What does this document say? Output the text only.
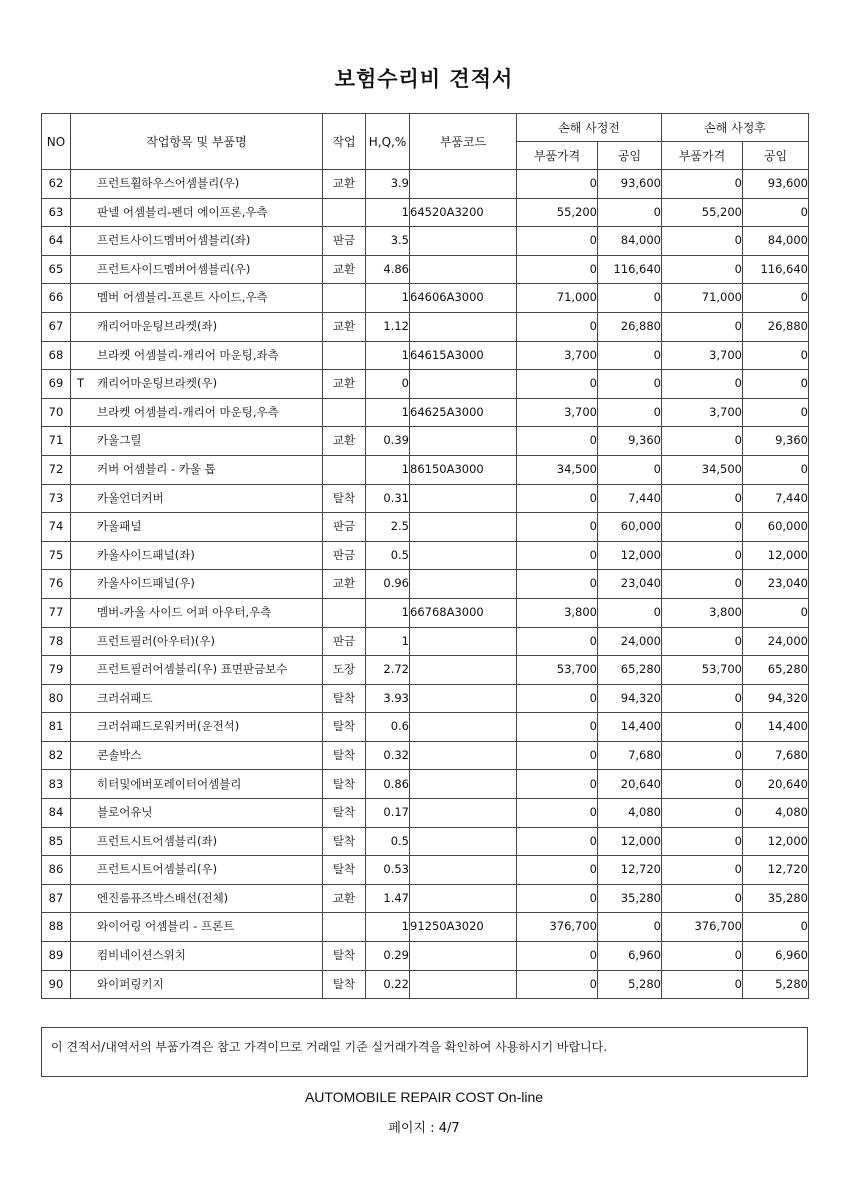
보험수리비 견적서
NO	작업항목 및 부품명	작업	H,Q,%	부품코드	손해 사정전		손해 사정후	
					부품가격	공임	부품가격	공임
62	프런트휠하우스어셈블리(우)	교환	3.9		0	93,600	0	93,600
63	판넬 어셈블리-펜더 에이프론,우측		1	64520A3200	55,200	0	55,200	0
64	프런트사이드멤버어셈블리(좌)	판금	3.5		0	84,000	0	84,000
65	프런트사이드멤버어셈블리(우)	교환	4.86		0	116,640	0	116,640
66	멤버 어셈블리-프론트 사이드,우측		1	64606A3000	71,000	0	71,000	0
67	캐리어마운팅브라켓(좌)	교환	1.12		0	26,880	0	26,880
68	브라켓 어셈블리-캐리어 마운팅,좌측		1	64615A3000	3,700	0	3,700	0
69	T 캐리어마운팅브라켓(우)	교환	0		0	0	0	0
70	브라켓 어셈블리-캐리어 마운팅,우측		1	64625A3000	3,700	0	3,700	0
71	카울그릴	교환	0.39		0	9,360	0	9,360
72	커버 어셈블리 - 카울 톱		1	86150A3000	34,500	0	34,500	0
73	카울언더커버	탈착	0.31		0	7,440	0	7,440
74	카울패널	판금	2.5		0	60,000	0	60,000
75	카울사이드패널(좌)	판금	0.5		0	12,000	0	12,000
76	카울사이드패널(우)	교환	0.96		0	23,040	0	23,040
77	멤버-카울 사이드 어퍼 아우터,우측		1	66768A3000	3,800	0	3,800	0
78	프런트필러(아우터)(우)	판금	1		0	24,000	0	24,000
79	프런트필러어셈블리(우) 표면판금보수	도장	2.72		53,700	65,280	53,700	65,280
80	크러쉬패드	탈착	3.93		0	94,320	0	94,320
81	크러쉬패드로워커버(운전석)	탈착	0.6		0	14,400	0	14,400
82	콘솔박스	탈착	0.32		0	7,680	0	7,680
83	히터및에버포레이터어셈블리	탈착	0.86		0	20,640	0	20,640
84	블로어유닛	탈착	0.17		0	4,080	0	4,080
85	프런트시트어셈블리(좌)	탈착	0.5		0	12,000	0	12,000
86	프런트시트어셈블리(우)	탈착	0.53		0	12,720	0	12,720
87	엔진룸퓨즈박스배선(전체)	교환	1.47		0	35,280	0	35,280
88	와이어링 어셈블리 - 프론트		1	91250A3020	376,700	0	376,700	0
89	컴비네이션스위치	탈착	0.29		0	6,960	0	6,960
90	와이퍼링키지	탈착	0.22		0	5,280	0	5,280
이 견적서/내역서의 부품가격은 참고 가격이므로 거래일 기준 실거래가격을 확인하여 사용하시기 바랍니다.
AUTOMOBILE REPAIR COST On-line
페이지 : 4/7
